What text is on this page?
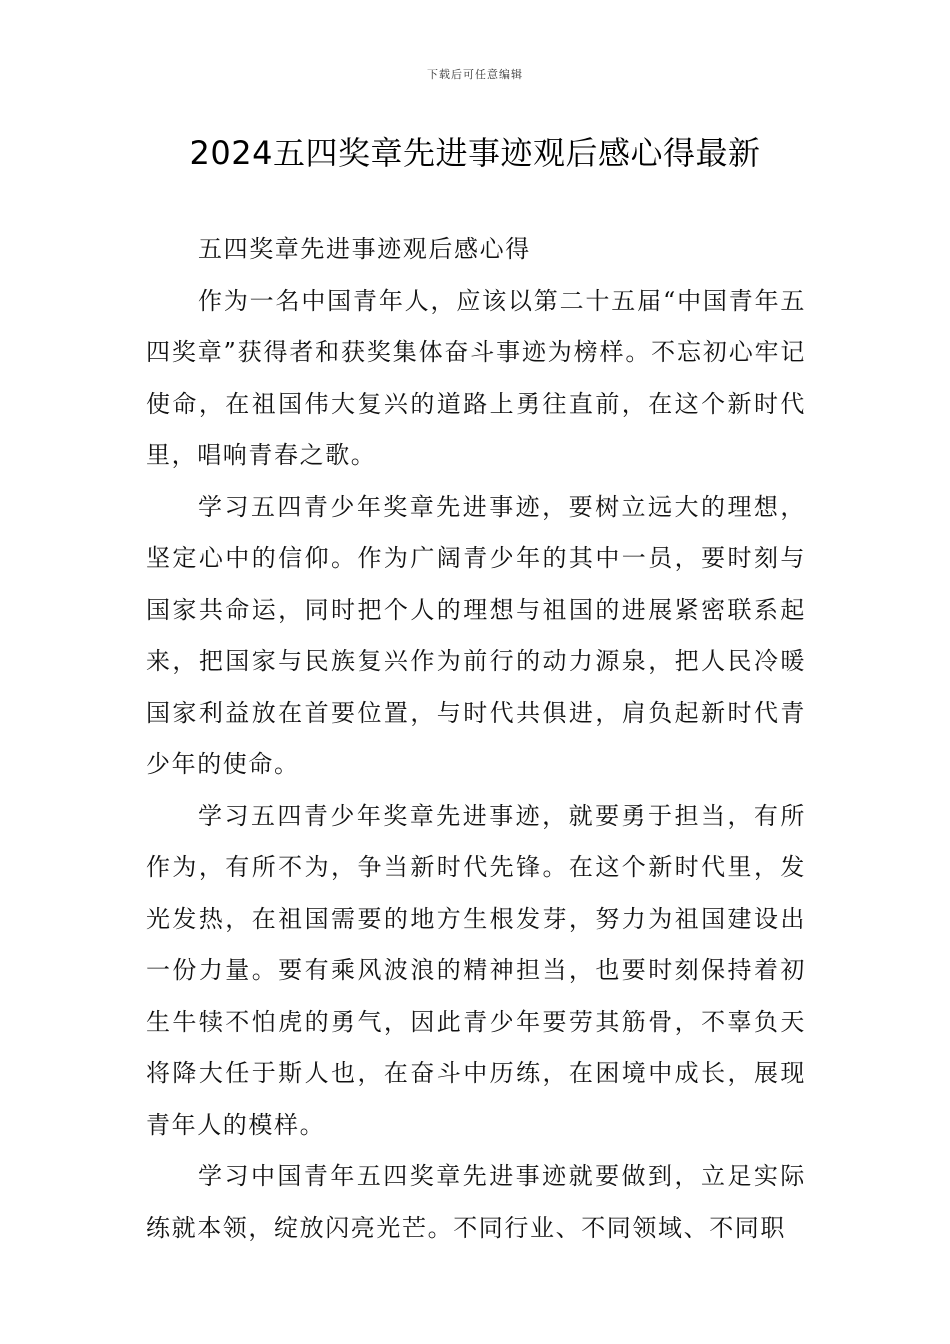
下载后可任意编辑
2024五四奖章先进事迹观后感心得最新

五四奖章先进事迹观后感心得

作为一名中国青年人，应该以第二十五届“中国青年五四奖章”获得者和获奖集体奋斗事迹为榜样。不忘初心牢记使命，在祖国伟大复兴的道路上勇往直前，在这个新时代里，唱响青春之歌。

学习五四青少年奖章先进事迹，要树立远大的理想，坚定心中的信仰。作为广阔青少年的其中一员，要时刻与国家共命运，同时把个人的理想与祖国的进展紧密联系起来，把国家与民族复兴作为前行的动力源泉，把人民冷暖国家利益放在首要位置，与时代共俱进，肩负起新时代青少年的使命。

学习五四青少年奖章先进事迹，就要勇于担当，有所作为，有所不为，争当新时代先锋。在这个新时代里，发光发热，在祖国需要的地方生根发芽，努力为祖国建设出一份力量。要有乘风波浪的精神担当，也要时刻保持着初生牛犊不怕虎的勇气，因此青少年要劳其筋骨，不辜负天将降大任于斯人也，在奋斗中历练，在困境中成长，展现青年人的模样。

学习中国青年五四奖章先进事迹就要做到，立足实际练就本领，绽放闪亮光芒。不同行业、不同领域、不同职
